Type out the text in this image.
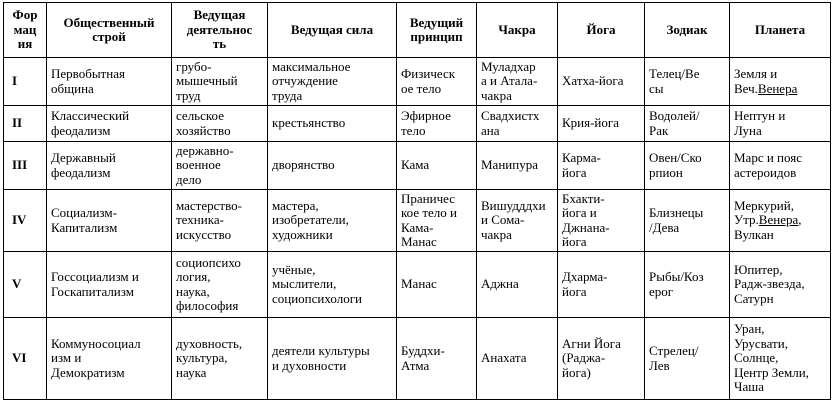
Фор
мац
ия	Общественный строй	Ведущая
деятельнос
ть	Ведущая сила	Ведущий принцип	Чакра	Йога	Зодиак	Планета
I	Первобытная
община	грубо-
мышечный
труд	максимальное
отчуждение
труда	Физическ
ое тело	Муладхар
а и Атала-
чакра	Хатха-йога	Телец/Ве
сы	Земля и
Веч.Венера
II	Классический
феодализм	сельское
хозяйство	крестьянство	Эфирное
тело	Свадхистх
ана	Крия-йога	Водолей/
Рак	Нептун и
Луна
III	Державный
феодализм	державно-
военное
дело	дворянство	Кама	Манипура	Карма-
йога	Овен/Ско
рпион	Марс и пояс
астероидов
IV	Социализм-
Капитализм	мастерство-
техника-
искусство	мастера,
изобретатели,
художники	Праничес
кое тело и
Кама-
Манас	Вишудддхи
и Сома-
чакра	Бхакти-
йога и
Джнана-
йога	Близнецы
/Дева	Меркурий,
Утр.Венера,
Вулкан
V	Госсоциализм и
Госкапитализм	социопсихо
логия,
наука,
философия	учёные,
мыслители,
социопсихологи	Манас	Аджна	Дхарма-
йога	Рыбы/Коз
ерог	Юпитер,
Радж-звезда,
Сатурн
VI	Коммуносоциал
изм и
Демократизм	духовность,
культура,
наука	деятели культуры
и духовности	Буддхи-
Атма	Анахата	Агни Йога
(Раджа-
йога)	Стрелец/
Лев	Уран,
Урусвати,
Солнце,
Центр Земли,
Чаша
